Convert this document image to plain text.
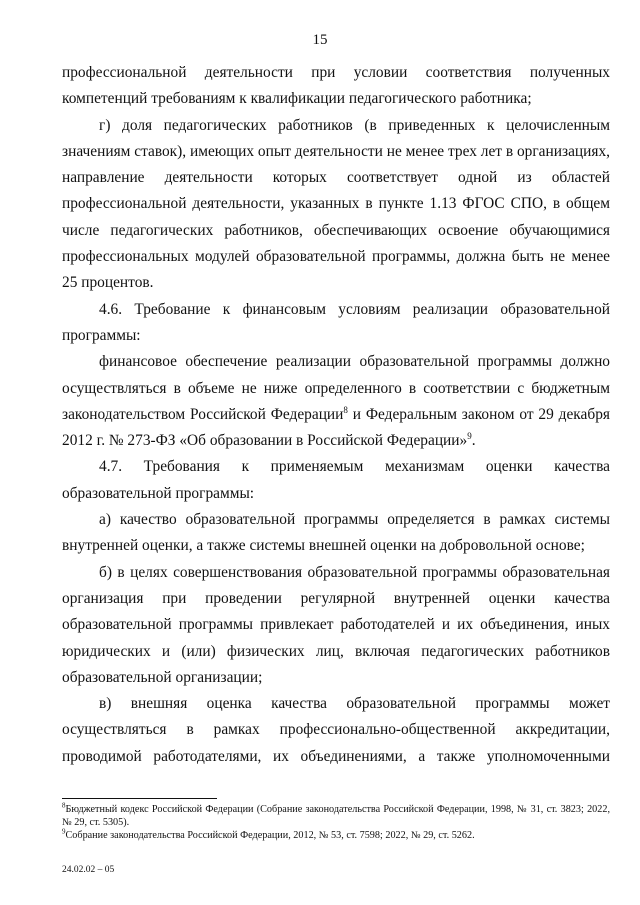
15

профессиональной деятельности при условии соответствия полученных компетенций требованиям к квалификации педагогического работника;

г) доля педагогических работников (в приведенных к целочисленным значениям ставок), имеющих опыт деятельности не менее трех лет в организациях, направление деятельности которых соответствует одной из областей профессиональной деятельности, указанных в пункте 1.13 ФГОС СПО, в общем числе педагогических работников, обеспечивающих освоение обучающимися профессиональных модулей образовательной программы, должна быть не менее 25 процентов.

4.6. Требование к финансовым условиям реализации образовательной программы:

финансовое обеспечение реализации образовательной программы должно осуществляться в объеме не ниже определенного в соответствии с бюджетным законодательством Российской Федерации$^8$ и Федеральным законом от 29 декабря 2012 г. № 273-ФЗ «Об образовании в Российской Федерации»$^9$.

4.7. Требования к применяемым механизмам оценки качества образовательной программы:

а) качество образовательной программы определяется в рамках системы внутренней оценки, а также системы внешней оценки на добровольной основе;

б) в целях совершенствования образовательной программы образовательная организация при проведении регулярной внутренней оценки качества образовательной программы привлекает работодателей и их объединения, иных юридических и (или) физических лиц, включая педагогических работников образовательной организации;

в) внешняя оценка качества образовательной программы может осуществляться в рамках профессионально-общественной аккредитации, проводимой работодателями, их объединениями, а также уполномоченными

$^8$Бюджетный кодекс Российской Федерации (Собрание законодательства Российской Федерации, 1998, № 31, ст. 3823; 2022, № 29, ст. 5305).

$^9$Собрание законодательства Российской Федерации, 2012, № 53, ст. 7598; 2022, № 29, ст. 5262.

24.02.02 – 05
